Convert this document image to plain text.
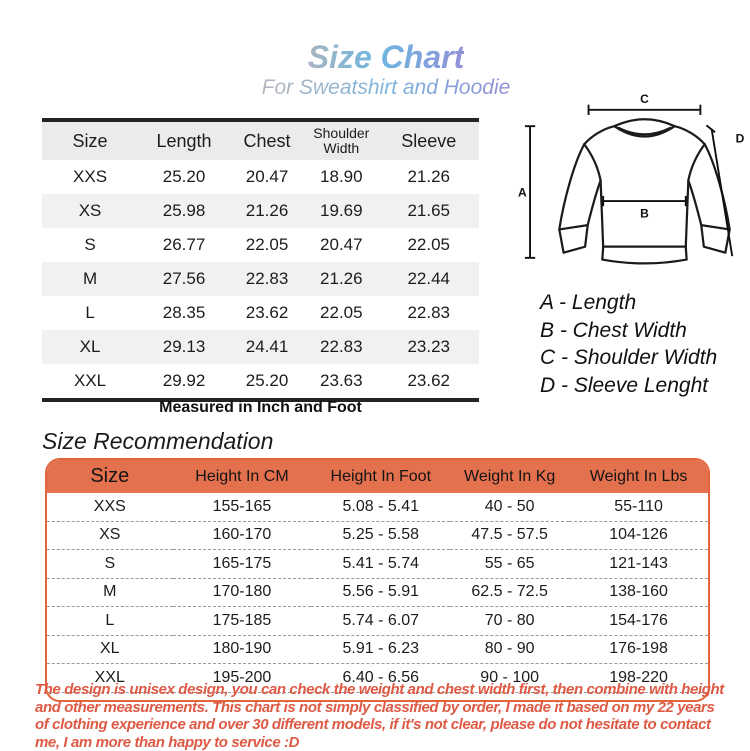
Size Chart

For Sweatshirt and Hoodie

Size	Length	Chest	Shoulder Width	Sleeve
XXS	25.20	20.47	18.90	21.26
XS	25.98	21.26	19.69	21.65
S	26.77	22.05	20.47	22.05
M	27.56	22.83	21.26	22.44
L	28.35	23.62	22.05	22.83
XL	29.13	24.41	22.83	23.23
XXL	29.92	25.20	23.63	23.62

Measured in Inch and Foot

C
A
B
D
A - Length
B - Chest Width
C - Shoulder Width
D - Sleeve Lenght
Size Recommendation
Size	Height In CM	Height In Foot	Weight In Kg	Weight In Lbs
XXS	155-165	5.08 - 5.41	40 - 50	55-110
XS	160-170	5.25 - 5.58	47.5 - 57.5	104-126
S	165-175	5.41 - 5.74	55 - 65	121-143
M	170-180	5.56 - 5.91	62.5 - 72.5	138-160
L	175-185	5.74 - 6.07	70 - 80	154-176
XL	180-190	5.91 - 6.23	80 - 90	176-198
XXL	195-200	6.40 - 6.56	90 - 100	198-220

The design is unisex design, you can check the weight and chest width first, then combine with height and other measurements. This chart is not simply classified by order, I made it based on my 22 years of clothing experience and over 30 different models, if it's not clear, please do not hesitate to contact me, I am more than happy to service :D
